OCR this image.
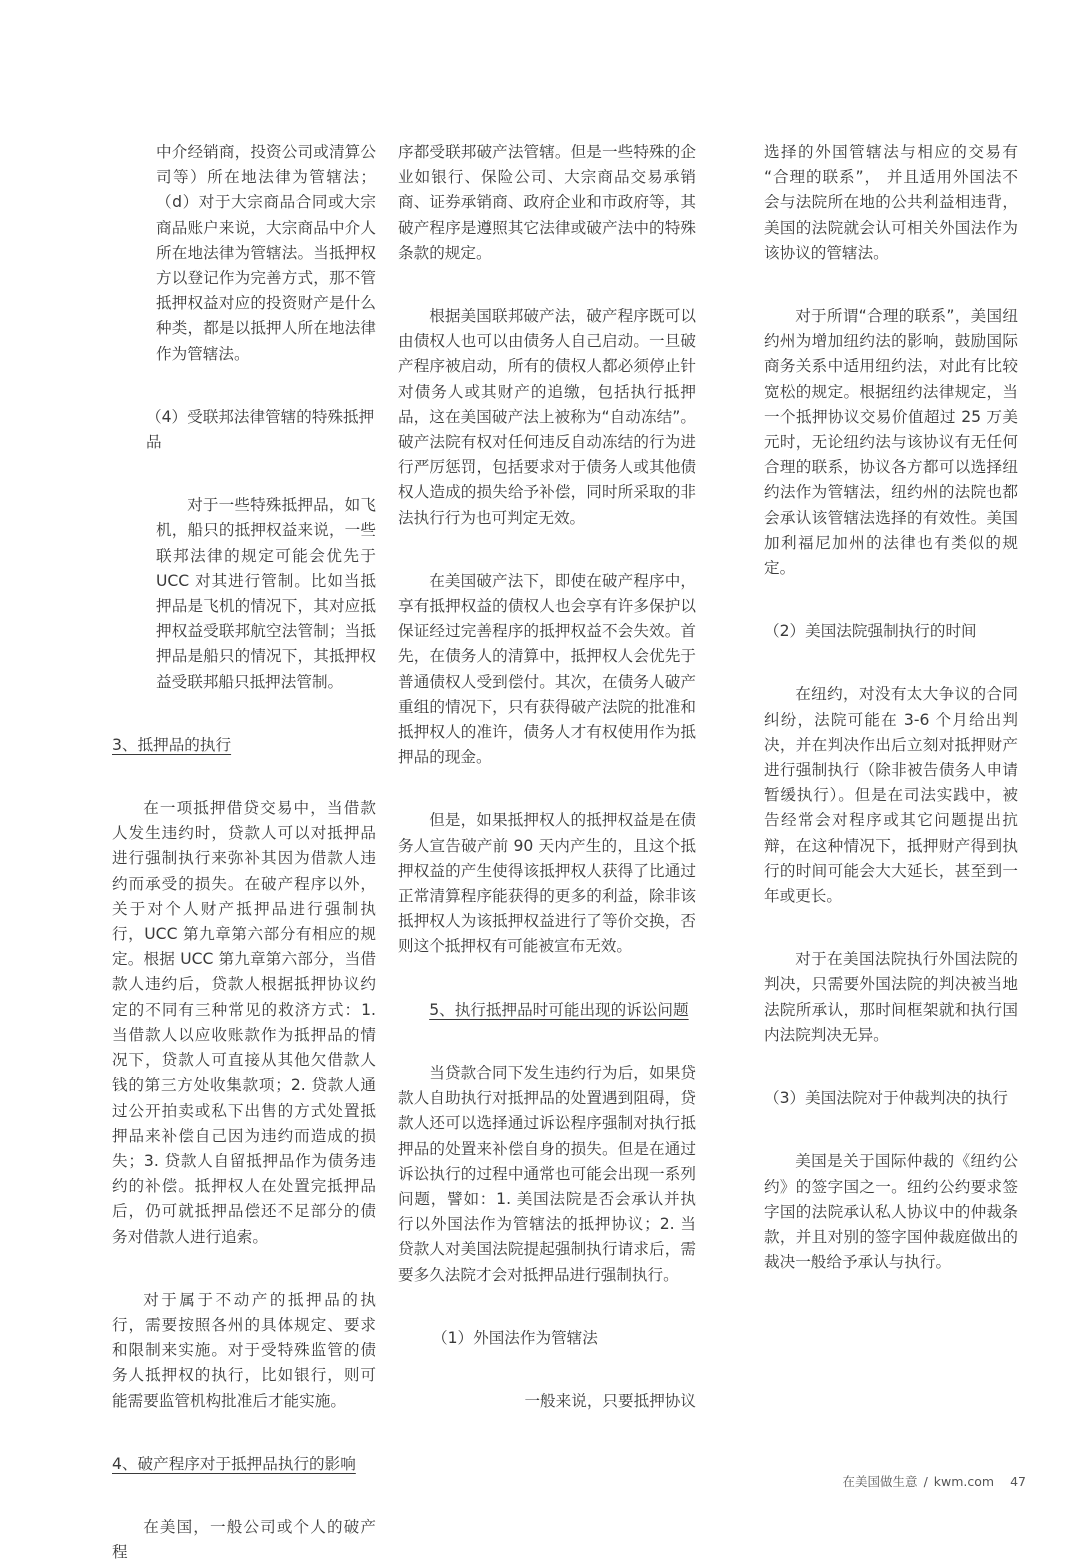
中介经销商，投资公司或清算公司等）所在地法律为管辖法；（d）对于大宗商品合同或大宗商品账户来说，大宗商品中介人所在地法律为管辖法。当抵押权方以登记作为完善方式，那不管抵押权益对应的投资财产是什么种类，都是以抵押人所在地法律作为管辖法。

（4）受联邦法律管辖的特殊抵押品

对于一些特殊抵押品，如飞机，船只的抵押权益来说，一些联邦法律的规定可能会优先于 UCC 对其进行管制。比如当抵押品是飞机的情况下，其对应抵押权益受联邦航空法管制；当抵押品是船只的情况下，其抵押权益受联邦船只抵押法管制。

3、抵押品的执行

在一项抵押借贷交易中，当借款人发生违约时，贷款人可以对抵押品进行强制执行来弥补其因为借款人违约而承受的损失。在破产程序以外，关于对个人财产抵押品进行强制执行，UCC 第九章第六部分有相应的规定。根据 UCC 第九章第六部分，当借款人违约后，贷款人根据抵押协议约定的不同有三种常见的救济方式：1. 当借款人以应收账款作为抵押品的情况下，贷款人可直接从其他欠借款人钱的第三方处收集款项；2. 贷款人通过公开拍卖或私下出售的方式处置抵押品来补偿自己因为违约而造成的损失；3. 贷款人自留抵押品作为债务违约的补偿。抵押权人在处置完抵押品后，仍可就抵押品偿还不足部分的债务对借款人进行追索。

对于属于不动产的抵押品的执行，需要按照各州的具体规定、要求和限制来实施。对于受特殊监管的债务人抵押权的执行，比如银行，则可能需要监管机构批准后才能实施。

4、破产程序对于抵押品执行的影响

在美国，一般公司或个人的破产程

序都受联邦破产法管辖。但是一些特殊的企业如银行、保险公司、大宗商品交易承销商、证券承销商、政府企业和市政府等，其破产程序是遵照其它法律或破产法中的特殊条款的规定。

根据美国联邦破产法，破产程序既可以由债权人也可以由债务人自己启动。一旦破产程序被启动，所有的债权人都必须停止针对债务人或其财产的追缴，包括执行抵押品，这在美国破产法上被称为“自动冻结”。破产法院有权对任何违反自动冻结的行为进行严厉惩罚，包括要求对于债务人或其他债权人造成的损失给予补偿，同时所采取的非法执行行为也可判定无效。

在美国破产法下，即使在破产程序中，享有抵押权益的债权人也会享有许多保护以保证经过完善程序的抵押权益不会失效。首先，在债务人的清算中，抵押权人会优先于普通债权人受到偿付。其次，在债务人破产重组的情况下，只有获得破产法院的批准和抵押权人的准许，债务人才有权使用作为抵押品的现金。

但是，如果抵押权人的抵押权益是在债务人宣告破产前 90 天内产生的，且这个抵押权益的产生使得该抵押权人获得了比通过正常清算程序能获得的更多的利益，除非该抵押权人为该抵押权益进行了等价交换，否则这个抵押权有可能被宣布无效。

5、执行抵押品时可能出现的诉讼问题

当贷款合同下发生违约行为后，如果贷款人自助执行对抵押品的处置遇到阻碍，贷款人还可以选择通过诉讼程序强制对执行抵押品的处置来补偿自身的损失。但是在通过诉讼执行的过程中通常也可能会出现一系列问题，譬如：1. 美国法院是否会承认并执行以外国法作为管辖法的抵押协议；2. 当贷款人对美国法院提起强制执行请求后，需要多久法院才会对抵押品进行强制执行。

（1）外国法作为管辖法

一般来说，只要抵押协议

选择的外国管辖法与相应的交易有 “合理的联系”， 并且适用外国法不会与法院所在地的公共利益相违背，美国的法院就会认可相关外国法作为该协议的管辖法。

对于所谓“合理的联系”，美国纽约州为增加纽约法的影响，鼓励国际商务关系中适用纽约法，对此有比较宽松的规定。根据纽约法律规定，当一个抵押协议交易价值超过 25 万美元时，无论纽约法与该协议有无任何合理的联系，协议各方都可以选择纽约法作为管辖法，纽约州的法院也都会承认该管辖法选择的有效性。美国加利福尼加州的法律也有类似的规定。

（2）美国法院强制执行的时间

在纽约，对没有太大争议的合同纠纷，法院可能在 3-6 个月给出判决，并在判决作出后立刻对抵押财产进行强制执行（除非被告债务人申请暂缓执行）。但是在司法实践中，被告经常会对程序或其它问题提出抗辩，在这种情况下，抵押财产得到执行的时间可能会大大延长，甚至到一年或更长。

对于在美国法院执行外国法院的判决，只需要外国法院的判决被当地法院所承认，那时间框架就和执行国内法院判决无异。

（3）美国法院对于仲裁判决的执行

美国是关于国际仲裁的《纽约公约》的签字国之一。纽约公约要求签字国的法院承认私人协议中的仲裁条款，并且对别的签字国仲裁庭做出的裁决一般给予承认与执行。

在美国做生意 / kwm.com 47
